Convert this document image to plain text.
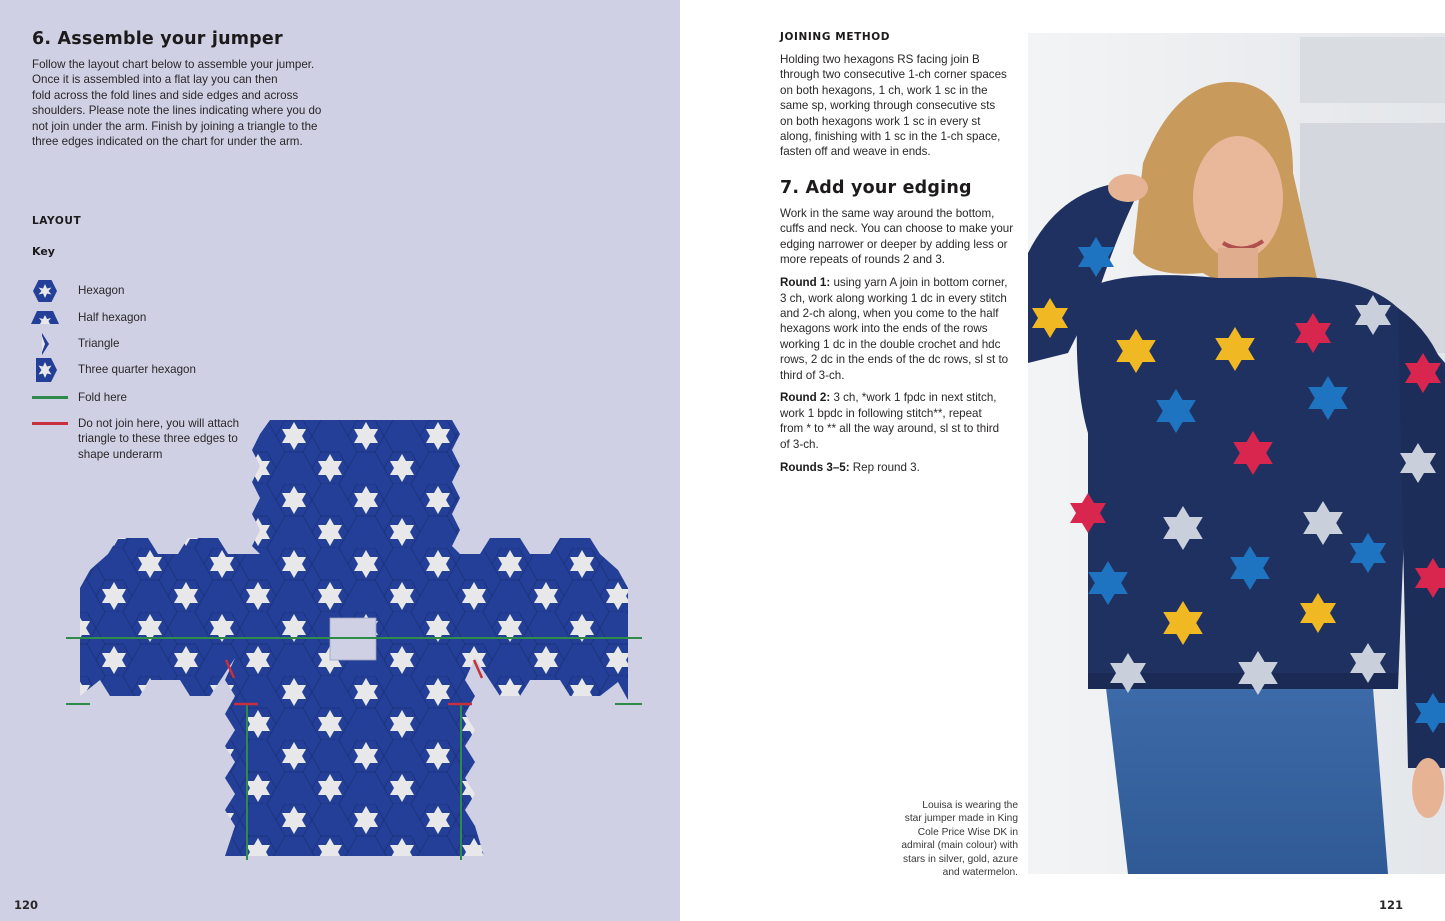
6. Assemble your jumper
Follow the layout chart below to assemble your jumper.
Once it is assembled into a flat lay you can then
fold across the fold lines and side edges and across
shoulders. Please note the lines indicating where you do
not join under the arm. Finish by joining a triangle to the
three edges indicated on the chart for under the arm.
LAYOUT
Key
Hexagon
Half hexagon
Triangle
Three quarter hexagon
Fold here
Do not join here, you will attach triangle to these three edges to shape underarm
120
JOINING METHOD
Holding two hexagons RS facing join B
through two consecutive 1-ch corner spaces
on both hexagons, 1 ch, work 1 sc in the
same sp, working through consecutive sts
on both hexagons work 1 sc in every st
along, finishing with 1 sc in the 1-ch space,
fasten off and weave in ends.
7. Add your edging

Work in the same way around the bottom,
cuffs and neck. You can choose to make your
edging narrower or deeper by adding less or
more repeats of rounds 2 and 3.

Round 1: using yarn A join in bottom corner,
3 ch, work along working 1 dc in every stitch
and 2-ch along, when you come to the half
hexagons work into the ends of the rows
working 1 dc in the double crochet and hdc
rows, 2 dc in the ends of the dc rows, sl st to
third of 3-ch.

Round 2: 3 ch, *work 1 fpdc in next stitch,
work 1 bpdc in following stitch**, repeat
from * to ** all the way around, sl st to third
of 3-ch.

Rounds 3–5: Rep round 3.

Louisa is wearing the
star jumper made in King
Cole Price Wise DK in
admiral (main colour) with
stars in silver, gold, azure
and watermelon.
121
